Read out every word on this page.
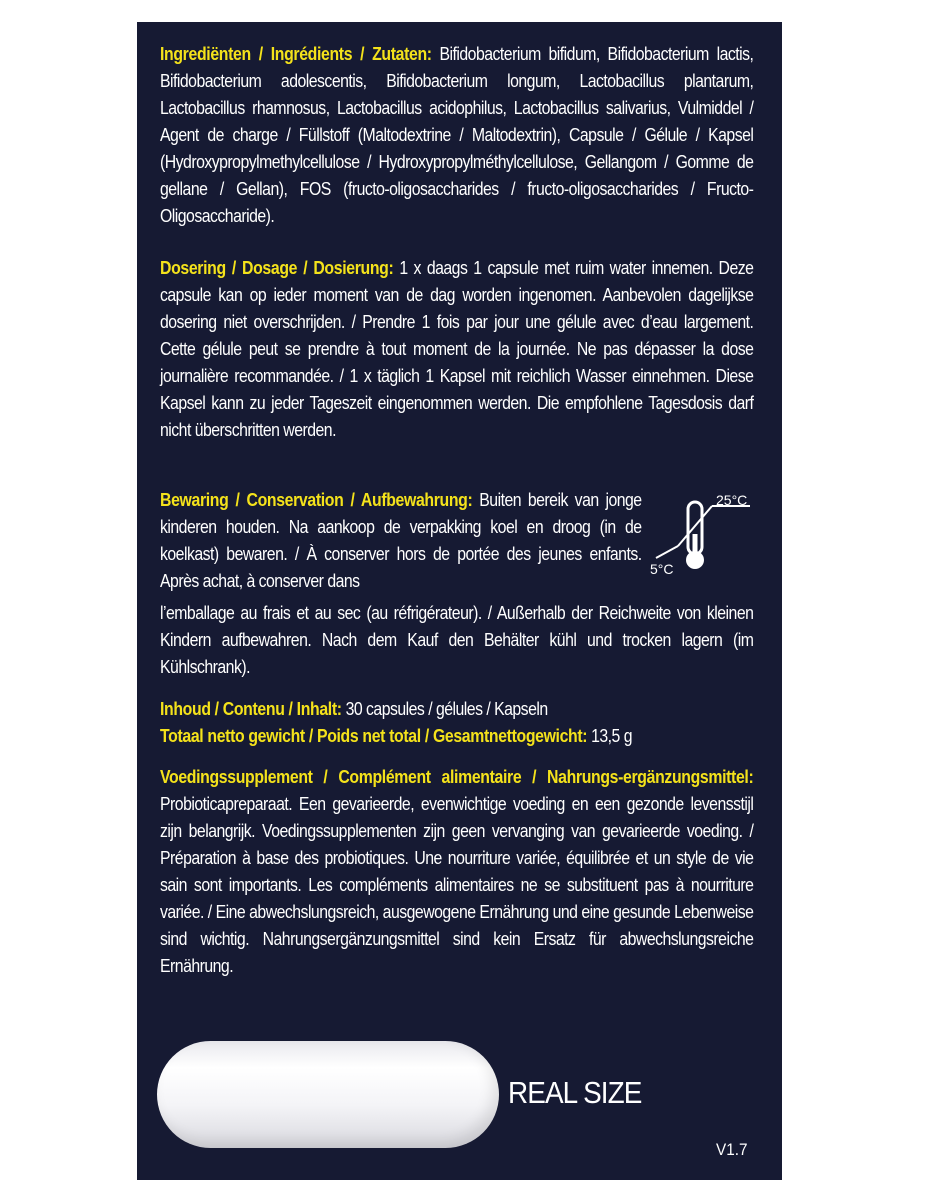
Ingrediënten / Ingrédients / Zutaten: Bifidobacterium bifidum, Bifidobacterium lactis, Bifidobacterium adolescentis, Bifidobacterium longum, Lactobacillus plantarum, Lactobacillus rhamnosus, Lactobacillus acidophilus, Lactobacillus salivarius, Vulmiddel / Agent de charge / Füllstoff (Maltodextrine / Maltodextrin), Capsule / Gélule / Kapsel (Hydroxypropylmethylcellulose / Hydroxypropylméthylcellulose, Gellangom / Gomme de gellane / Gellan), FOS (fructo-oligosaccharides / fructo-oligosaccharides / Fructo-Oligosaccharide).

Dosering / Dosage / Dosierung: 1 x daags 1 capsule met ruim water innemen. Deze capsule kan op ieder moment van de dag worden ingenomen. Aanbevolen dagelijkse dosering niet overschrijden. / Prendre 1 fois par jour une gélule avec d’eau largement. Cette gélule peut se prendre à tout moment de la journée. Ne pas dépasser la dose journalière recommandée. / 1 x täglich 1 Kapsel mit reichlich Wasser einnehmen. Diese Kapsel kann zu jeder Tageszeit eingenommen werden. Die empfohlene Tagesdosis darf nicht überschritten werden.

Bewaring / Conservation / Aufbewahrung: Buiten bereik van jonge kinderen houden. Na aankoop de verpakking koel en droog (in de koelkast) bewaren. / À conserver hors de portée des jeunes enfants. Après achat, à conserver dans

l’emballage au frais et au sec (au réfrigérateur). / Außerhalb der Reichweite von kleinen Kindern aufbewahren. Nach dem Kauf den Behälter kühl und trocken lagern (im Kühlschrank).

25°C
5°C

Inhoud / Contenu / Inhalt: 30 capsules / gélules / Kapseln

Totaal netto gewicht / Poids net total / Gesamtnettogewicht: 13,5 g

Voedingssupplement / Complément alimentaire / Nahrungs-ergänzungsmittel: Probioticapreparaat. Een gevarieerde, evenwichtige voeding en een gezonde levensstijl zijn belangrijk. Voedingssupplementen zijn geen vervanging van gevarieerde voeding. / Préparation à base des probiotiques. Une nourriture variée, équilibrée et un style de vie sain sont importants. Les compléments alimentaires ne se substituent pas à nourriture variée. / Eine abwechslungsreich, ausgewogene Ernährung und eine gesunde Lebenweise sind wichtig. Nahrungsergänzungsmittel sind kein Ersatz für abwechslungsreiche Ernährung.

REAL SIZE
V1.7
